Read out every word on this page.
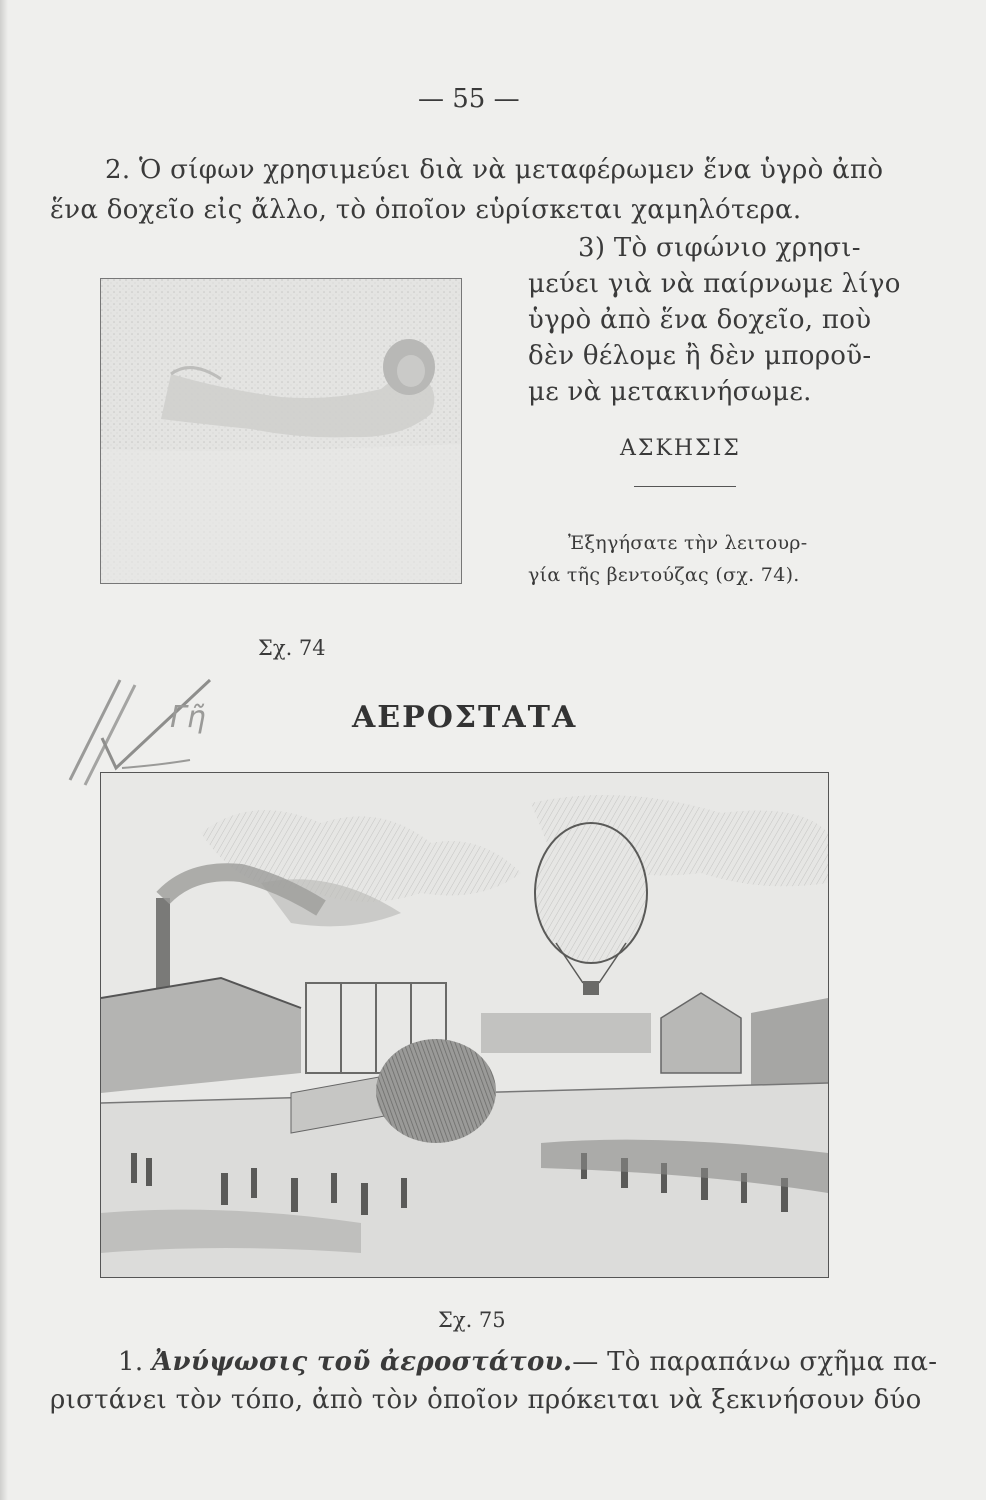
— 55 —
2. Ὁ σίφων χρησιμεύει διὰ νὰ μεταφέρωμεν ἕνα ὑγρὸ ἀπὸ
ἕνα δοχεῖο εἰς ἄλλο, τὸ ὁποῖον εὑρίσκεται χαμηλότερα.
3) Τὸ σιφώνιο χρησι-
μεύει γιὰ νὰ παίρνωμε λίγο
ὑγρὸ ἀπὸ ἕνα δοχεῖο, ποὺ
δὲν θέλομε ἢ δὲν μποροῦ-
με νὰ μετακινήσωμε.
ΑΣΚΗΣΙΣ
Ἐξηγήσατε τὴν λειτουρ-
γία τῆς βεντούζας (σχ. 74).
Σχ. 74
Γῆ	ΑΕΡΟΣΤΑΤΑ
Σχ. 75
1. Ἀνύψωσις τοῦ ἀεροστάτου.— Τὸ παραπάνω σχῆμα πα-
ριστάνει τὸν τόπο, ἀπὸ τὸν ὁποῖον πρόκειται νὰ ξεκινήσουν δύο
